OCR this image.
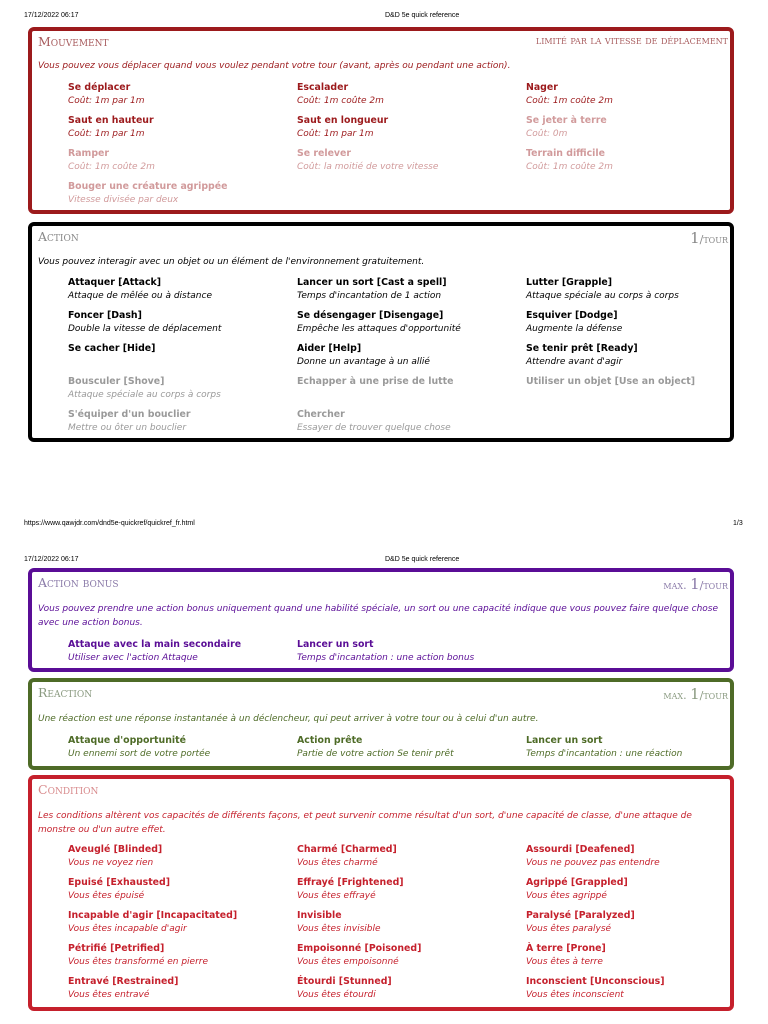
17/12/2022 06:17	D&D 5e quick reference
Mouvement	limité par la vitesse de déplacement
Vous pouvez vous déplacer quand vous voulez pendant votre tour (avant, après ou pendant une action).
Se déplacer
Coût: 1m par 1m
Escalader
Coût: 1m coûte 2m
Nager
Coût: 1m coûte 2m
Saut en hauteur
Coût: 1m par 1m
Saut en longueur
Coût: 1m par 1m
Se jeter à terre
Coût: 0m
Ramper
Coût: 1m coûte 2m
Se relever
Coût: la moitié de votre vitesse
Terrain difficile
Coût: 1m coûte 2m
Bouger une créature agrippée
Vitesse divisée par deux
Action	1/tour
Vous pouvez interagir avec un objet ou un élément de l'environnement gratuitement.
Attaquer [Attack]
Attaque de mêlée ou à distance
Lancer un sort [Cast a spell]
Temps d'incantation de 1 action
Lutter [Grapple]
Attaque spéciale au corps à corps
Foncer [Dash]
Double la vitesse de déplacement
Se désengager [Disengage]
Empêche les attaques d'opportunité
Esquiver [Dodge]
Augmente la défense
Se cacher [Hide]	Aider [Help]
Donne un avantage à un allié
Se tenir prêt [Ready]
Attendre avant d'agir
Bousculer [Shove]
Attaque spéciale au corps à corps
Echapper à une prise de lutte	Utiliser un objet [Use an object]
S'équiper d'un bouclier
Mettre ou ôter un bouclier
Chercher
Essayer de trouver quelque chose
https://www.qawjdr.com/dnd5e-quickref/quickref_fr.html	1/3
17/12/2022 06:17	D&D 5e quick reference
Action bonus	max. 1/tour
Vous pouvez prendre une action bonus uniquement quand une habilité spéciale, un sort ou une capacité indique que vous pouvez faire quelque chose avec une action bonus.
Attaque avec la main secondaire
Utiliser avec l'action Attaque
Lancer un sort
Temps d'incantation : une action bonus
Reaction	max. 1/tour
Une réaction est une réponse instantanée à un déclencheur, qui peut arriver à votre tour ou à celui d'un autre.
Attaque d'opportunité
Un ennemi sort de votre portée
Action prête
Partie de votre action Se tenir prêt
Lancer un sort
Temps d'incantation : une réaction
Condition
Les conditions altèrent vos capacités de différents façons, et peut survenir comme résultat d'un sort, d'une capacité de classe, d'une attaque de monstre ou d'un autre effet.
Aveuglé [Blinded]
Vous ne voyez rien
Charmé [Charmed]
Vous êtes charmé
Assourdi [Deafened]
Vous ne pouvez pas entendre
Epuisé [Exhausted]
Vous êtes épuisé
Effrayé [Frightened]
Vous êtes effrayé
Agrippé [Grappled]
Vous êtes agrippé
Incapable d'agir [Incapacitated]
Vous êtes incapable d'agir
Invisible
Vous êtes invisible
Paralysé [Paralyzed]
Vous êtes paralysé
Pétrifié [Petrified]
Vous êtes transformé en pierre
Empoisonné [Poisoned]
Vous êtes empoisonné
À terre [Prone]
Vous êtes à terre
Entravé [Restrained]
Vous êtes entravé
Étourdi [Stunned]
Vous êtes étourdi
Inconscient [Unconscious]
Vous êtes inconscient
